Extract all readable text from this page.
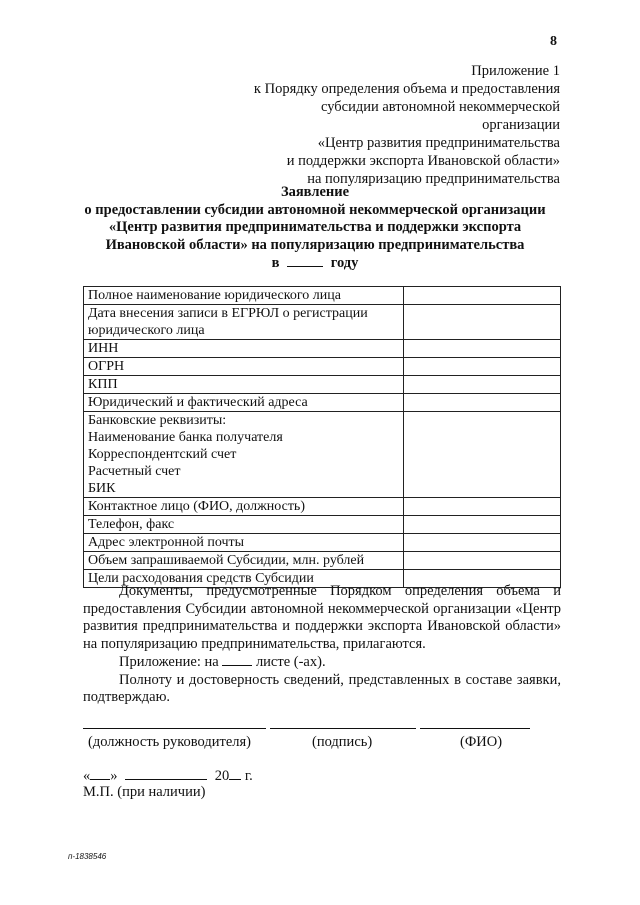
8
Приложение 1
к Порядку определения объема и предоставления
субсидии автономной некоммерческой организации
«Центр развития предпринимательства
и поддержки экспорта Ивановской области»
на популяризацию предпринимательства
Заявление
о предоставлении субсидии автономной некоммерческой организации
«Центр развития предпринимательства и поддержки экспорта
Ивановской области» на популяризацию предпринимательства
в	году
Полное наименование юридического лица	

Дата внесения записи в ЕГРЮЛ о регистрации
юридического лица	

ИНН	

ОГРН	

КПП	

Юридический и фактический адреса	

Банковские реквизиты:
Наименование банка получателя
Корреспондентский счет
Расчетный счет
БИК	

Контактное лицо (ФИО, должность)	

Телефон, факс	

Адрес электронной почты	

Объем запрашиваемой Субсидии, млн. рублей	

Цели расходования средств Субсидии	

Документы, предусмотренные Порядком определения объема и предоставления Субсидии автономной некоммерческой организации «Центр развития предпринимательства и поддержки экспорта Ивановской области» на популяризацию предпринимательства, прилагаются.

Приложение: на	листе (-ах).

Полноту и достоверность сведений, представленных в составе заявки, подтверждаю.

(должность руководителя)	(подпись)	(ФИО)
« »	20 г.
М.П. (при наличии)
п-1838546
